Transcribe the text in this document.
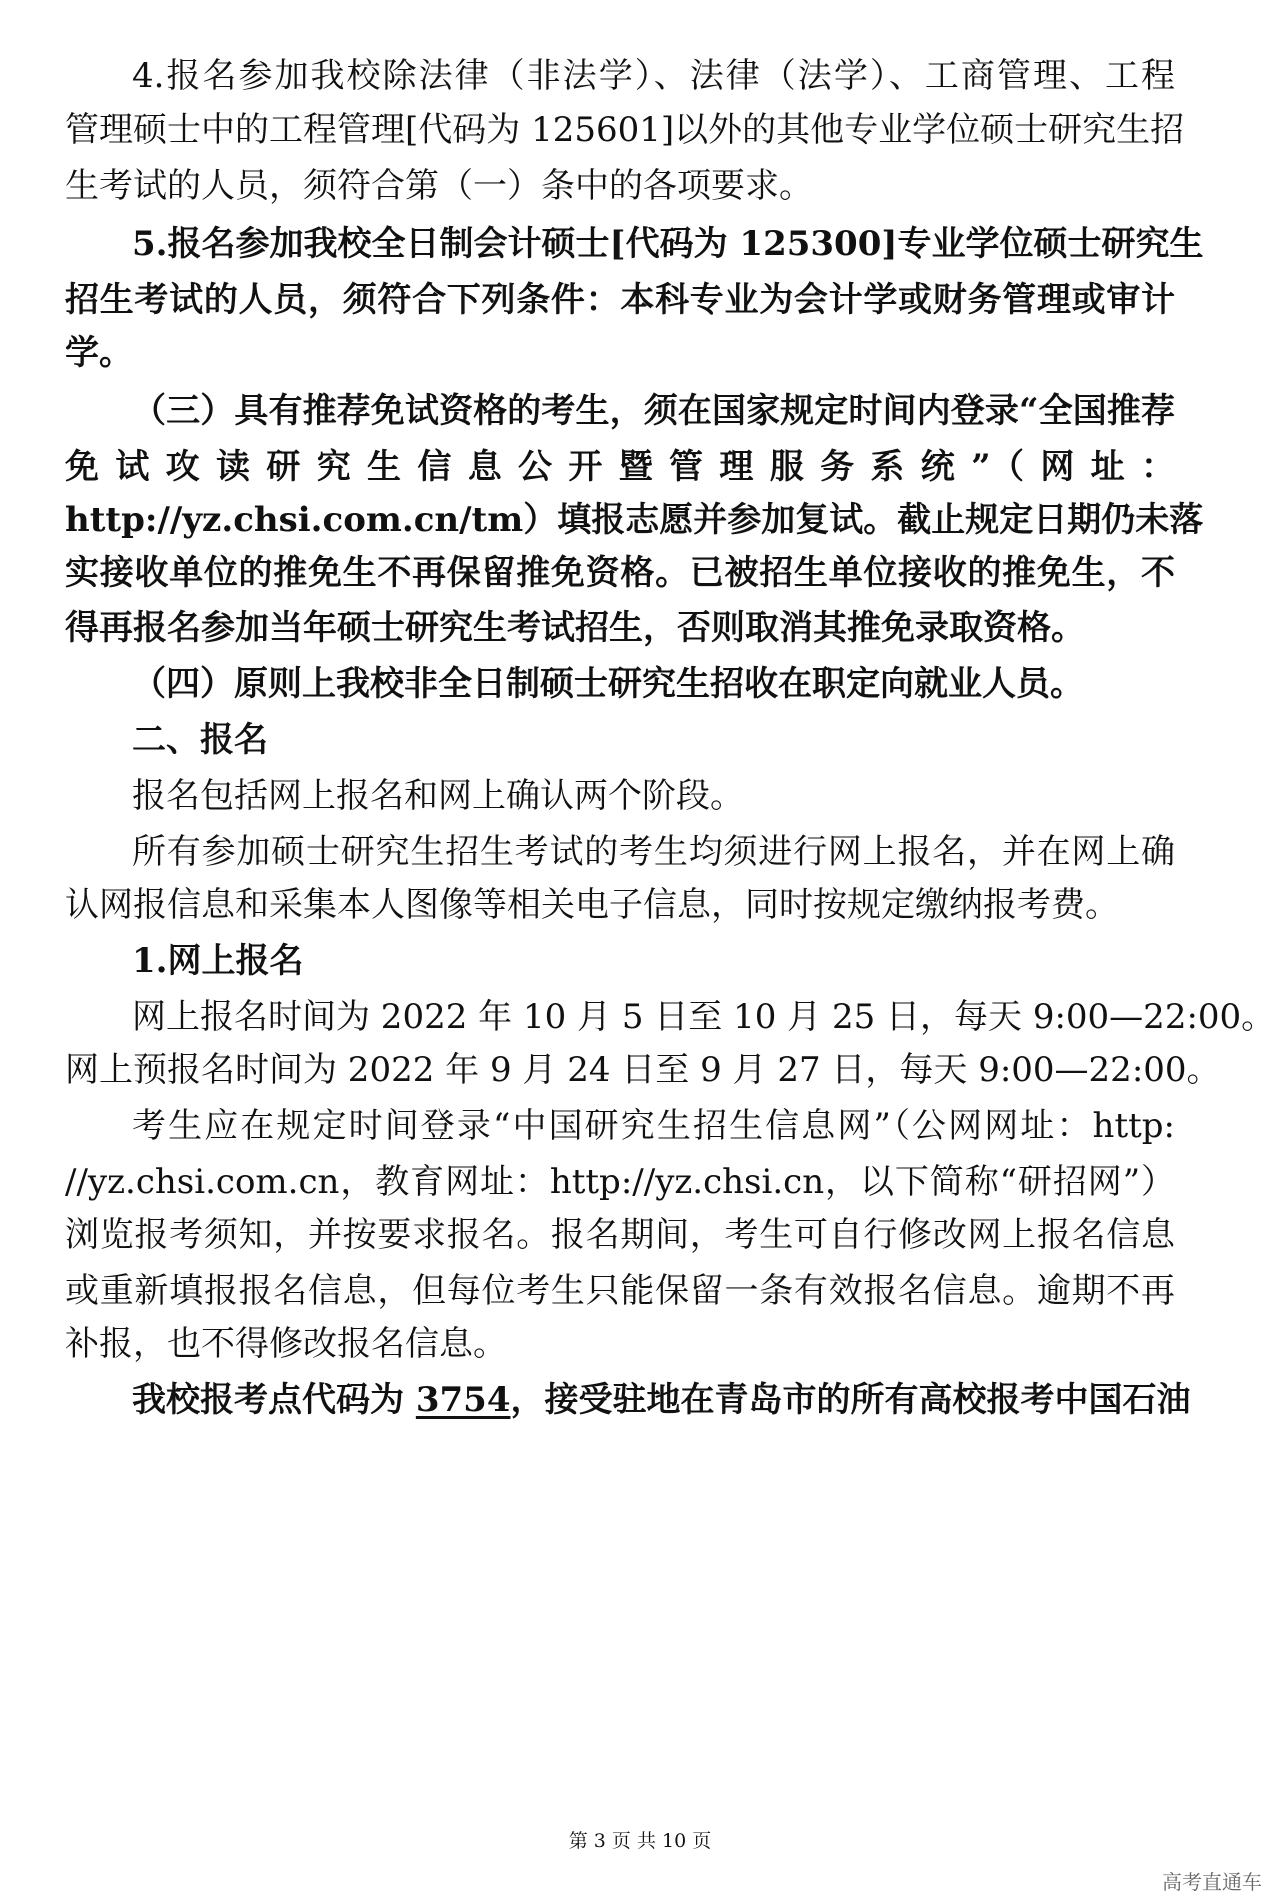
4.报名参加我校除法律（非法学）、法律（法学）、工商管理、工程
管理硕士中的工程管理[代码为 125601]以外的其他专业学位硕士研究生招
生考试的人员，须符合第（一）条中的各项要求。
5.报名参加我校全日制会计硕士[代码为 125300]专业学位硕士研究生
招生考试的人员，须符合下列条件：本科专业为会计学或财务管理或审计
学。
（三）具有推荐免试资格的考生，须在国家规定时间内登录“全国推荐
免试攻读研究生信息公开暨管理服务系统”（网址：
http://yz.chsi.com.cn/tm）填报志愿并参加复试。截止规定日期仍未落
实接收单位的推免生不再保留推免资格。已被招生单位接收的推免生，不
得再报名参加当年硕士研究生考试招生，否则取消其推免录取资格。
（四）原则上我校非全日制硕士研究生招收在职定向就业人员。
二、报名
报名包括网上报名和网上确认两个阶段。
所有参加硕士研究生招生考试的考生均须进行网上报名，并在网上确
认网报信息和采集本人图像等相关电子信息，同时按规定缴纳报考费。
1.网上报名
网上报名时间为 2022 年 10 月 5 日至 10 月 25 日，每天 9:00—22:00。
网上预报名时间为 2022 年 9 月 24 日至 9 月 27 日，每天 9:00—22:00。
考生应在规定时间登录“中国研究生招生信息网”（公网网址：http:
//yz.chsi.com.cn，教育网址：http://yz.chsi.cn，以下简称“研招网”）
浏览报考须知，并按要求报名。报名期间，考生可自行修改网上报名信息
或重新填报报名信息，但每位考生只能保留一条有效报名信息。逾期不再
补报，也不得修改报名信息。
我校报考点代码为 3754，接受驻地在青岛市的所有高校报考中国石油
第 3 页 共 10 页
高考直通车
